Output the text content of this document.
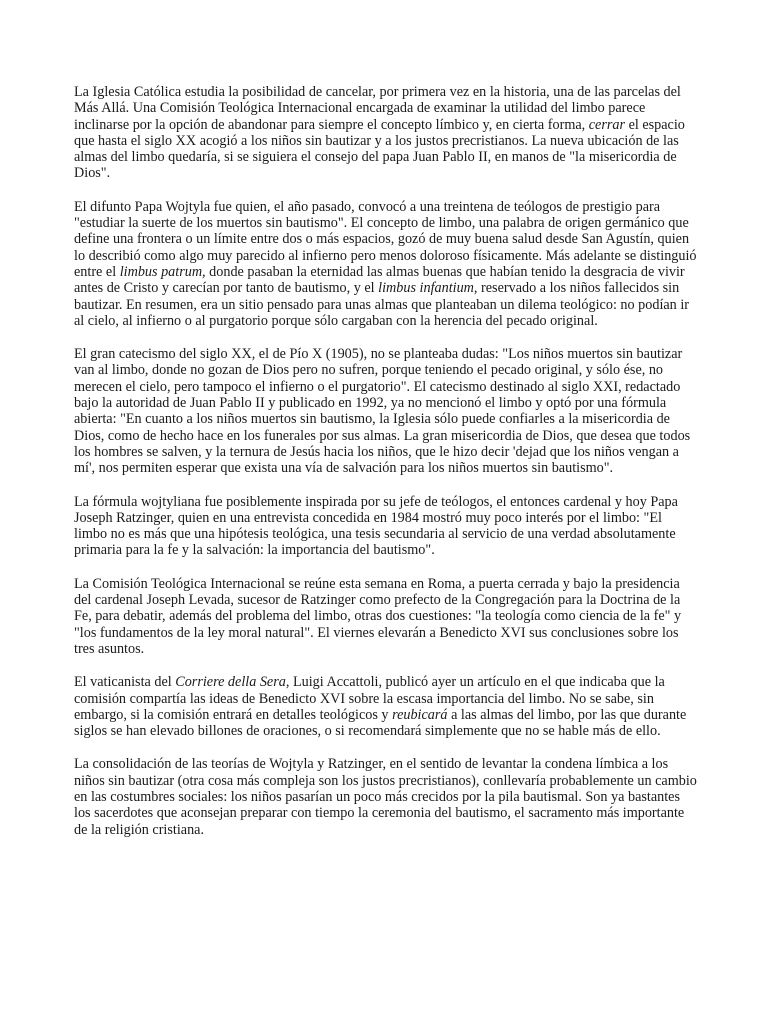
La Iglesia Católica estudia la posibilidad de cancelar, por primera vez en la historia, una de las parcelas del Más Allá. Una Comisión Teológica Internacional encargada de examinar la utilidad del limbo parece inclinarse por la opción de abandonar para siempre el concepto límbico y, en cierta forma, cerrar el espacio que hasta el siglo XX acogió a los niños sin bautizar y a los justos precristianos. La nueva ubicación de las almas del limbo quedaría, si se siguiera el consejo del papa Juan Pablo II, en manos de "la misericordia de Dios".

El difunto Papa Wojtyla fue quien, el año pasado, convocó a una treintena de teólogos de prestigio para "estudiar la suerte de los muertos sin bautismo". El concepto de limbo, una palabra de origen germánico que define una frontera o un límite entre dos o más espacios, gozó de muy buena salud desde San Agustín, quien lo describió como algo muy parecido al infierno pero menos doloroso físicamente. Más adelante se distinguió entre el limbus patrum, donde pasaban la eternidad las almas buenas que habían tenido la desgracia de vivir antes de Cristo y carecían por tanto de bautismo, y el limbus infantium, reservado a los niños fallecidos sin bautizar. En resumen, era un sitio pensado para unas almas que planteaban un dilema teológico: no podían ir al cielo, al infierno o al purgatorio porque sólo cargaban con la herencia del pecado original.

El gran catecismo del siglo XX, el de Pío X (1905), no se planteaba dudas: "Los niños muertos sin bautizar van al limbo, donde no gozan de Dios pero no sufren, porque teniendo el pecado original, y sólo ése, no merecen el cielo, pero tampoco el infierno o el purgatorio". El catecismo destinado al siglo XXI, redactado bajo la autoridad de Juan Pablo II y publicado en 1992, ya no mencionó el limbo y optó por una fórmula abierta: "En cuanto a los niños muertos sin bautismo, la Iglesia sólo puede confiarles a la misericordia de Dios, como de hecho hace en los funerales por sus almas. La gran misericordia de Dios, que desea que todos los hombres se salven, y la ternura de Jesús hacia los niños, que le hizo decir 'dejad que los niños vengan a mí', nos permiten esperar que exista una vía de salvación para los niños muertos sin bautismo".

La fórmula wojtyliana fue posiblemente inspirada por su jefe de teólogos, el entonces cardenal y hoy Papa Joseph Ratzinger, quien en una entrevista concedida en 1984 mostró muy poco interés por el limbo: "El limbo no es más que una hipótesis teológica, una tesis secundaria al servicio de una verdad absolutamente primaria para la fe y la salvación: la importancia del bautismo".

La Comisión Teológica Internacional se reúne esta semana en Roma, a puerta cerrada y bajo la presidencia del cardenal Joseph Levada, sucesor de Ratzinger como prefecto de la Congregación para la Doctrina de la Fe, para debatir, además del problema del limbo, otras dos cuestiones: "la teología como ciencia de la fe" y "los fundamentos de la ley moral natural". El viernes elevarán a Benedicto XVI sus conclusiones sobre los tres asuntos.

El vaticanista del Corriere della Sera, Luigi Accattoli, publicó ayer un artículo en el que indicaba que la comisión compartía las ideas de Benedicto XVI sobre la escasa importancia del limbo. No se sabe, sin embargo, si la comisión entrará en detalles teológicos y reubicará a las almas del limbo, por las que durante siglos se han elevado billones de oraciones, o si recomendará simplemente que no se hable más de ello.

La consolidación de las teorías de Wojtyla y Ratzinger, en el sentido de levantar la condena límbica a los niños sin bautizar (otra cosa más compleja son los justos precristianos), conllevaría probablemente un cambio en las costumbres sociales: los niños pasarían un poco más crecidos por la pila bautismal. Son ya bastantes los sacerdotes que aconsejan preparar con tiempo la ceremonia del bautismo, el sacramento más importante de la religión cristiana.
